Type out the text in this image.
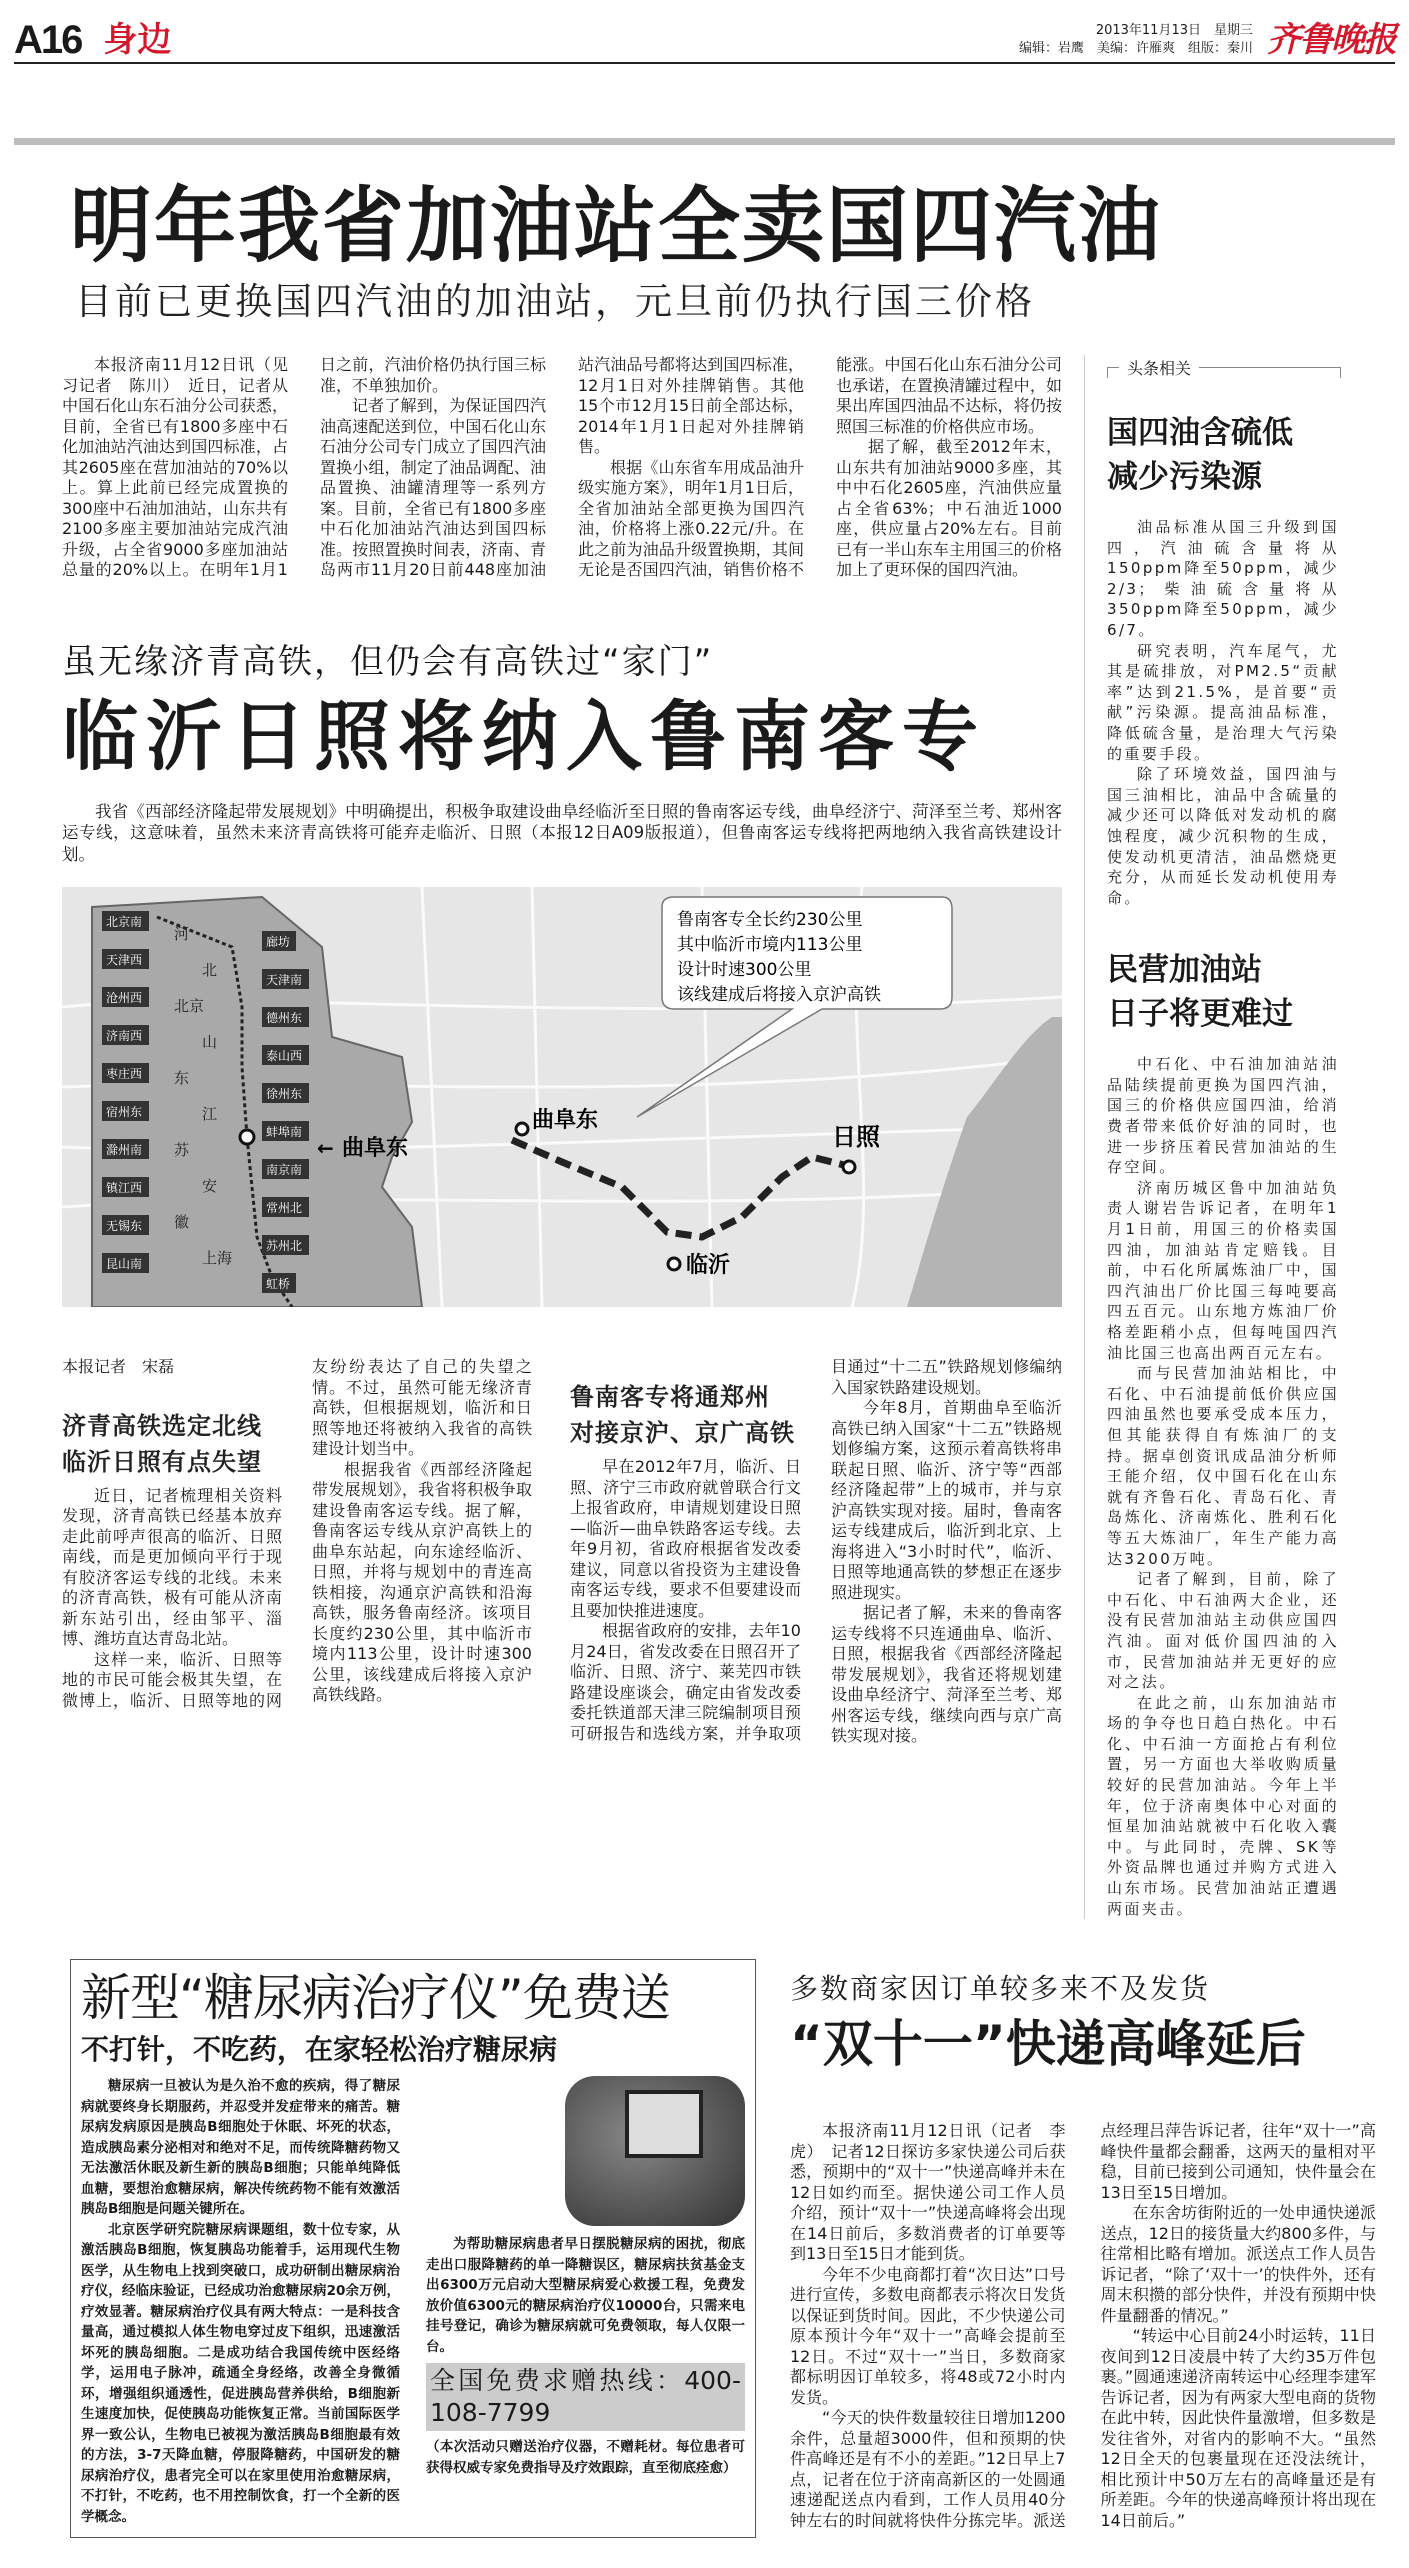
A16 身边	2013年11月13日　星期三
编辑：岩鹰　美编：许雁爽　组版：秦川 齐鲁晚报
明年我省加油站全卖国四汽油
目前已更换国四汽油的加油站，元旦前仍执行国三价格

本报济南11月12日讯（见习记者　陈川）　近日，记者从中国石化山东石油分公司获悉，目前，全省已有1800多座中石化加油站汽油达到国四标准，占其2605座在营加油站的70%以上。算上此前已经完成置换的300座中石油加油站，山东共有2100多座主要加油站完成汽油升级，占全省9000多座加油站总量的20%以上。在明年1月1日之前，汽油价格仍执行国三标准，不单独加价。

记者了解到，为保证国四汽油高速配送到位，中国石化山东石油分公司专门成立了国四汽油置换小组，制定了油品调配、油品置换、油罐清理等一系列方案。目前，全省已有1800多座中石化加油站汽油达到国四标准。按照置换时间表，济南、青岛两市11月20日前448座加油站汽油品号都将达到国四标准，12月1日对外挂牌销售。其他15个市12月15日前全部达标，2014年1月1日起对外挂牌销售。

根据《山东省车用成品油升级实施方案》，明年1月1日后，全省加油站全部更换为国四汽油，价格将上涨0.22元/升。在此之前为油品升级置换期，其间无论是否国四汽油，销售价格不能涨。中国石化山东石油分公司也承诺，在置换清罐过程中，如果出库国四油品不达标，将仍按照国三标准的价格供应市场。

据了解，截至2012年末，山东共有加油站9000多座，其中中石化2605座，汽油供应量占全省63%；中石油近1000座，供应量占20%左右。目前已有一半山东车主用国三的价格加上了更环保的国四汽油。

虽无缘济青高铁，但仍会有高铁过“家门”
临沂日照将纳入鲁南客专

我省《西部经济隆起带发展规划》中明确提出，积极争取建设曲阜经临沂至日照的鲁南客运专线，曲阜经济宁、菏泽至兰考、郑州客运专线，这意味着，虽然未来济青高铁将可能弃走临沂、日照（本报12日A09版报道），但鲁南客运专线将把两地纳入我省高铁建设计划。

北京南
廊坊
天津西
天津南
沧州西
德州东
济南西
泰山西
枣庄西
徐州东
宿州东
蚌埠南
滁州南
南京南
镇江西
常州北
无锡东
苏州北
昆山南
虹桥
河
北
北京
山
东
江
苏
安
徽
上海
← 曲阜东
曲阜东
临沂
日照
鲁南客专全长约230公里
其中临沂市境内113公里
设计时速300公里
该线建成后将接入京沪高铁
本报记者　宋磊
济青高铁选定北线
临沂日照有点失望

近日，记者梳理相关资料发现，济青高铁已经基本放弃走此前呼声很高的临沂、日照南线，而是更加倾向平行于现有胶济客运专线的北线。未来的济青高铁，极有可能从济南新东站引出，经由邹平、淄博、潍坊直达青岛北站。

这样一来，临沂、日照等地的市民可能会极其失望，在微博上，临沂、日照等地的网友纷纷表达了自己的失望之情。不过，虽然可能无缘济青高铁，但根据规划，临沂和日照等地还将被纳入我省的高铁建设计划当中。

根据我省《西部经济隆起带发展规划》，我省将积极争取建设鲁南客运专线。据了解，鲁南客运专线从京沪高铁上的曲阜东站起，向东途经临沂、日照，并将与规划中的青连高铁相接，沟通京沪高铁和沿海高铁，服务鲁南经济。该项目长度约230公里，其中临沂市境内113公里，设计时速300公里，该线建成后将接入京沪高铁线路。

鲁南客专将通郑州
对接京沪、京广高铁

早在2012年7月，临沂、日照、济宁三市政府就曾联合行文上报省政府，申请规划建设日照—临沂—曲阜铁路客运专线。去年9月初，省政府根据省发改委建议，同意以省投资为主建设鲁南客运专线，要求不但要建设而且要加快推进速度。

根据省政府的安排，去年10月24日，省发改委在日照召开了临沂、日照、济宁、莱芜四市铁路建设座谈会，确定由省发改委委托铁道部天津三院编制项目预可研报告和选线方案，并争取项目通过“十二五”铁路规划修编纳入国家铁路建设规划。

今年8月，首期曲阜至临沂高铁已纳入国家“十二五”铁路规划修编方案，这预示着高铁将串联起日照、临沂、济宁等“西部经济隆起带”上的城市，并与京沪高铁实现对接。届时，鲁南客运专线建成后，临沂到北京、上海将进入“3小时时代”，临沂、日照等地通高铁的梦想正在逐步照进现实。

据记者了解，未来的鲁南客运专线将不只连通曲阜、临沂、日照，根据我省《西部经济隆起带发展规划》，我省还将规划建设曲阜经济宁、菏泽至兰考、郑州客运专线，继续向西与京广高铁实现对接。

头条相关
国四油含硫低
减少污染源

油品标准从国三升级到国四，汽油硫含量将从150ppm降至50ppm，减少2/3；柴油硫含量将从350ppm降至50ppm，减少6/7。

研究表明，汽车尾气，尤其是硫排放，对PM2.5“贡献率”达到21.5%，是首要“贡献”污染源。提高油品标准，降低硫含量，是治理大气污染的重要手段。

除了环境效益，国四油与国三油相比，油品中含硫量的减少还可以降低对发动机的腐蚀程度，减少沉积物的生成，使发动机更清洁，油品燃烧更充分，从而延长发动机使用寿命。

民营加油站
日子将更难过

中石化、中石油加油站油品陆续提前更换为国四汽油，国三的价格供应国四油，给消费者带来低价好油的同时，也进一步挤压着民营加油站的生存空间。

济南历城区鲁中加油站负责人谢岩告诉记者，在明年1月1日前，用国三的价格卖国四油，加油站肯定赔钱。目前，中石化所属炼油厂中，国四汽油出厂价比国三每吨要高四五百元。山东地方炼油厂价格差距稍小点，但每吨国四汽油比国三也高出两百元左右。

而与民营加油站相比，中石化、中石油提前低价供应国四油虽然也要承受成本压力，但其能获得自有炼油厂的支持。据卓创资讯成品油分析师王能介绍，仅中国石化在山东就有齐鲁石化、青岛石化、青岛炼化、济南炼化、胜利石化等五大炼油厂，年生产能力高达3200万吨。

记者了解到，目前，除了中石化、中石油两大企业，还没有民营加油站主动供应国四汽油。面对低价国四油的入市，民营加油站并无更好的应对之法。

在此之前，山东加油站市场的争夺也日趋白热化。中石化、中石油一方面抢占有利位置，另一方面也大举收购质量较好的民营加油站。今年上半年，位于济南奥体中心对面的恒星加油站就被中石化收入囊中。与此同时，壳牌、SK等外资品牌也通过并购方式进入山东市场。民营加油站正遭遇两面夹击。

新型“糖尿病治疗仪”免费送
不打针，不吃药，在家轻松治疗糖尿病

糖尿病一旦被认为是久治不愈的疾病，得了糖尿病就要终身长期服药，并忍受并发症带来的痛苦。糖尿病发病原因是胰岛B细胞处于休眠、坏死的状态，造成胰岛素分泌相对和绝对不足，而传统降糖药物又无法激活休眠及新生新的胰岛B细胞；只能单纯降低血糖，要想治愈糖尿病，解决传统药物不能有效激活胰岛B细胞是问题关键所在。

北京医学研究院糖尿病课题组，数十位专家，从激活胰岛B细胞，恢复胰岛功能着手，运用现代生物医学，从生物电上找到突破口，成功研制出糖尿病治疗仪，经临床验证，已经成功治愈糖尿病20余万例，疗效显著。糖尿病治疗仪具有两大特点：一是科技含量高，通过模拟人体生物电穿过皮下组织，迅速激活坏死的胰岛细胞。二是成功结合我国传统中医经络学，运用电子脉冲，疏通全身经络，改善全身微循环，增强组织通透性，促进胰岛营养供给，B细胞新生速度加快，促使胰岛功能恢复正常。当前国际医学界一致公认，生物电已被视为激活胰岛B细胞最有效的方法，3-7天降血糖，停服降糖药，中国研发的糖尿病治疗仪，患者完全可以在家里使用治愈糖尿病，不打针，不吃药，也不用控制饮食，打一个全新的医学概念。

为帮助糖尿病患者早日摆脱糖尿病的困扰，彻底走出口服降糖药的单一降糖误区，糖尿病扶贫基金支出6300万元启动大型糖尿病爱心救援工程，免费发放价值6300元的糖尿病治疗仪10000台，只需来电挂号登记，确诊为糖尿病就可免费领取，每人仅限一台。

全国免费求赠热线：400-108-7799

（本次活动只赠送治疗仪器，不赠耗材。每位患者可获得权威专家免费指导及疗效跟踪，直至彻底痊愈）

多数商家因订单较多来不及发货
“双十一”快递高峰延后

本报济南11月12日讯（记者　李虎）　记者12日探访多家快递公司后获悉，预期中的“双十一”快递高峰并未在12日如约而至。据快递公司工作人员介绍，预计“双十一”快递高峰将会出现在14日前后，多数消费者的订单要等到13日至15日才能到货。

今年不少电商都打着“次日达”口号进行宣传，多数电商都表示将次日发货以保证到货时间。因此，不少快递公司原本预计今年“双十一”高峰会提前至12日。不过“双十一”当日，多数商家都标明因订单较多，将48或72小时内发货。

“今天的快件数量较往日增加1200余件，总量超3000件，但和预期的快件高峰还是有不小的差距。”12日早上7点，记者在位于济南高新区的一处圆通速递配送点内看到，工作人员用40分钟左右的时间就将快件分拣完毕。派送点经理吕萍告诉记者，往年“双十一”高峰快件量都会翻番，这两天的量相对平稳，目前已接到公司通知，快件量会在13日至15日增加。

在东舍坊街附近的一处申通快递派送点，12日的接货量大约800多件，与往常相比略有增加。派送点工作人员告诉记者，“除了‘双十一’的快件外，还有周末积攒的部分快件，并没有预期中快件量翻番的情况。”

“转运中心目前24小时运转，11日夜间到12日凌晨中转了大约35万件包裹。”圆通速递济南转运中心经理李建军告诉记者，因为有两家大型电商的货物在此中转，因此快件量激增，但多数是发往省外，对省内的影响不大。“虽然12日全天的包裹量现在还没法统计，相比预计中50万左右的高峰量还是有所差距。今年的快递高峰预计将出现在14日前后。”
